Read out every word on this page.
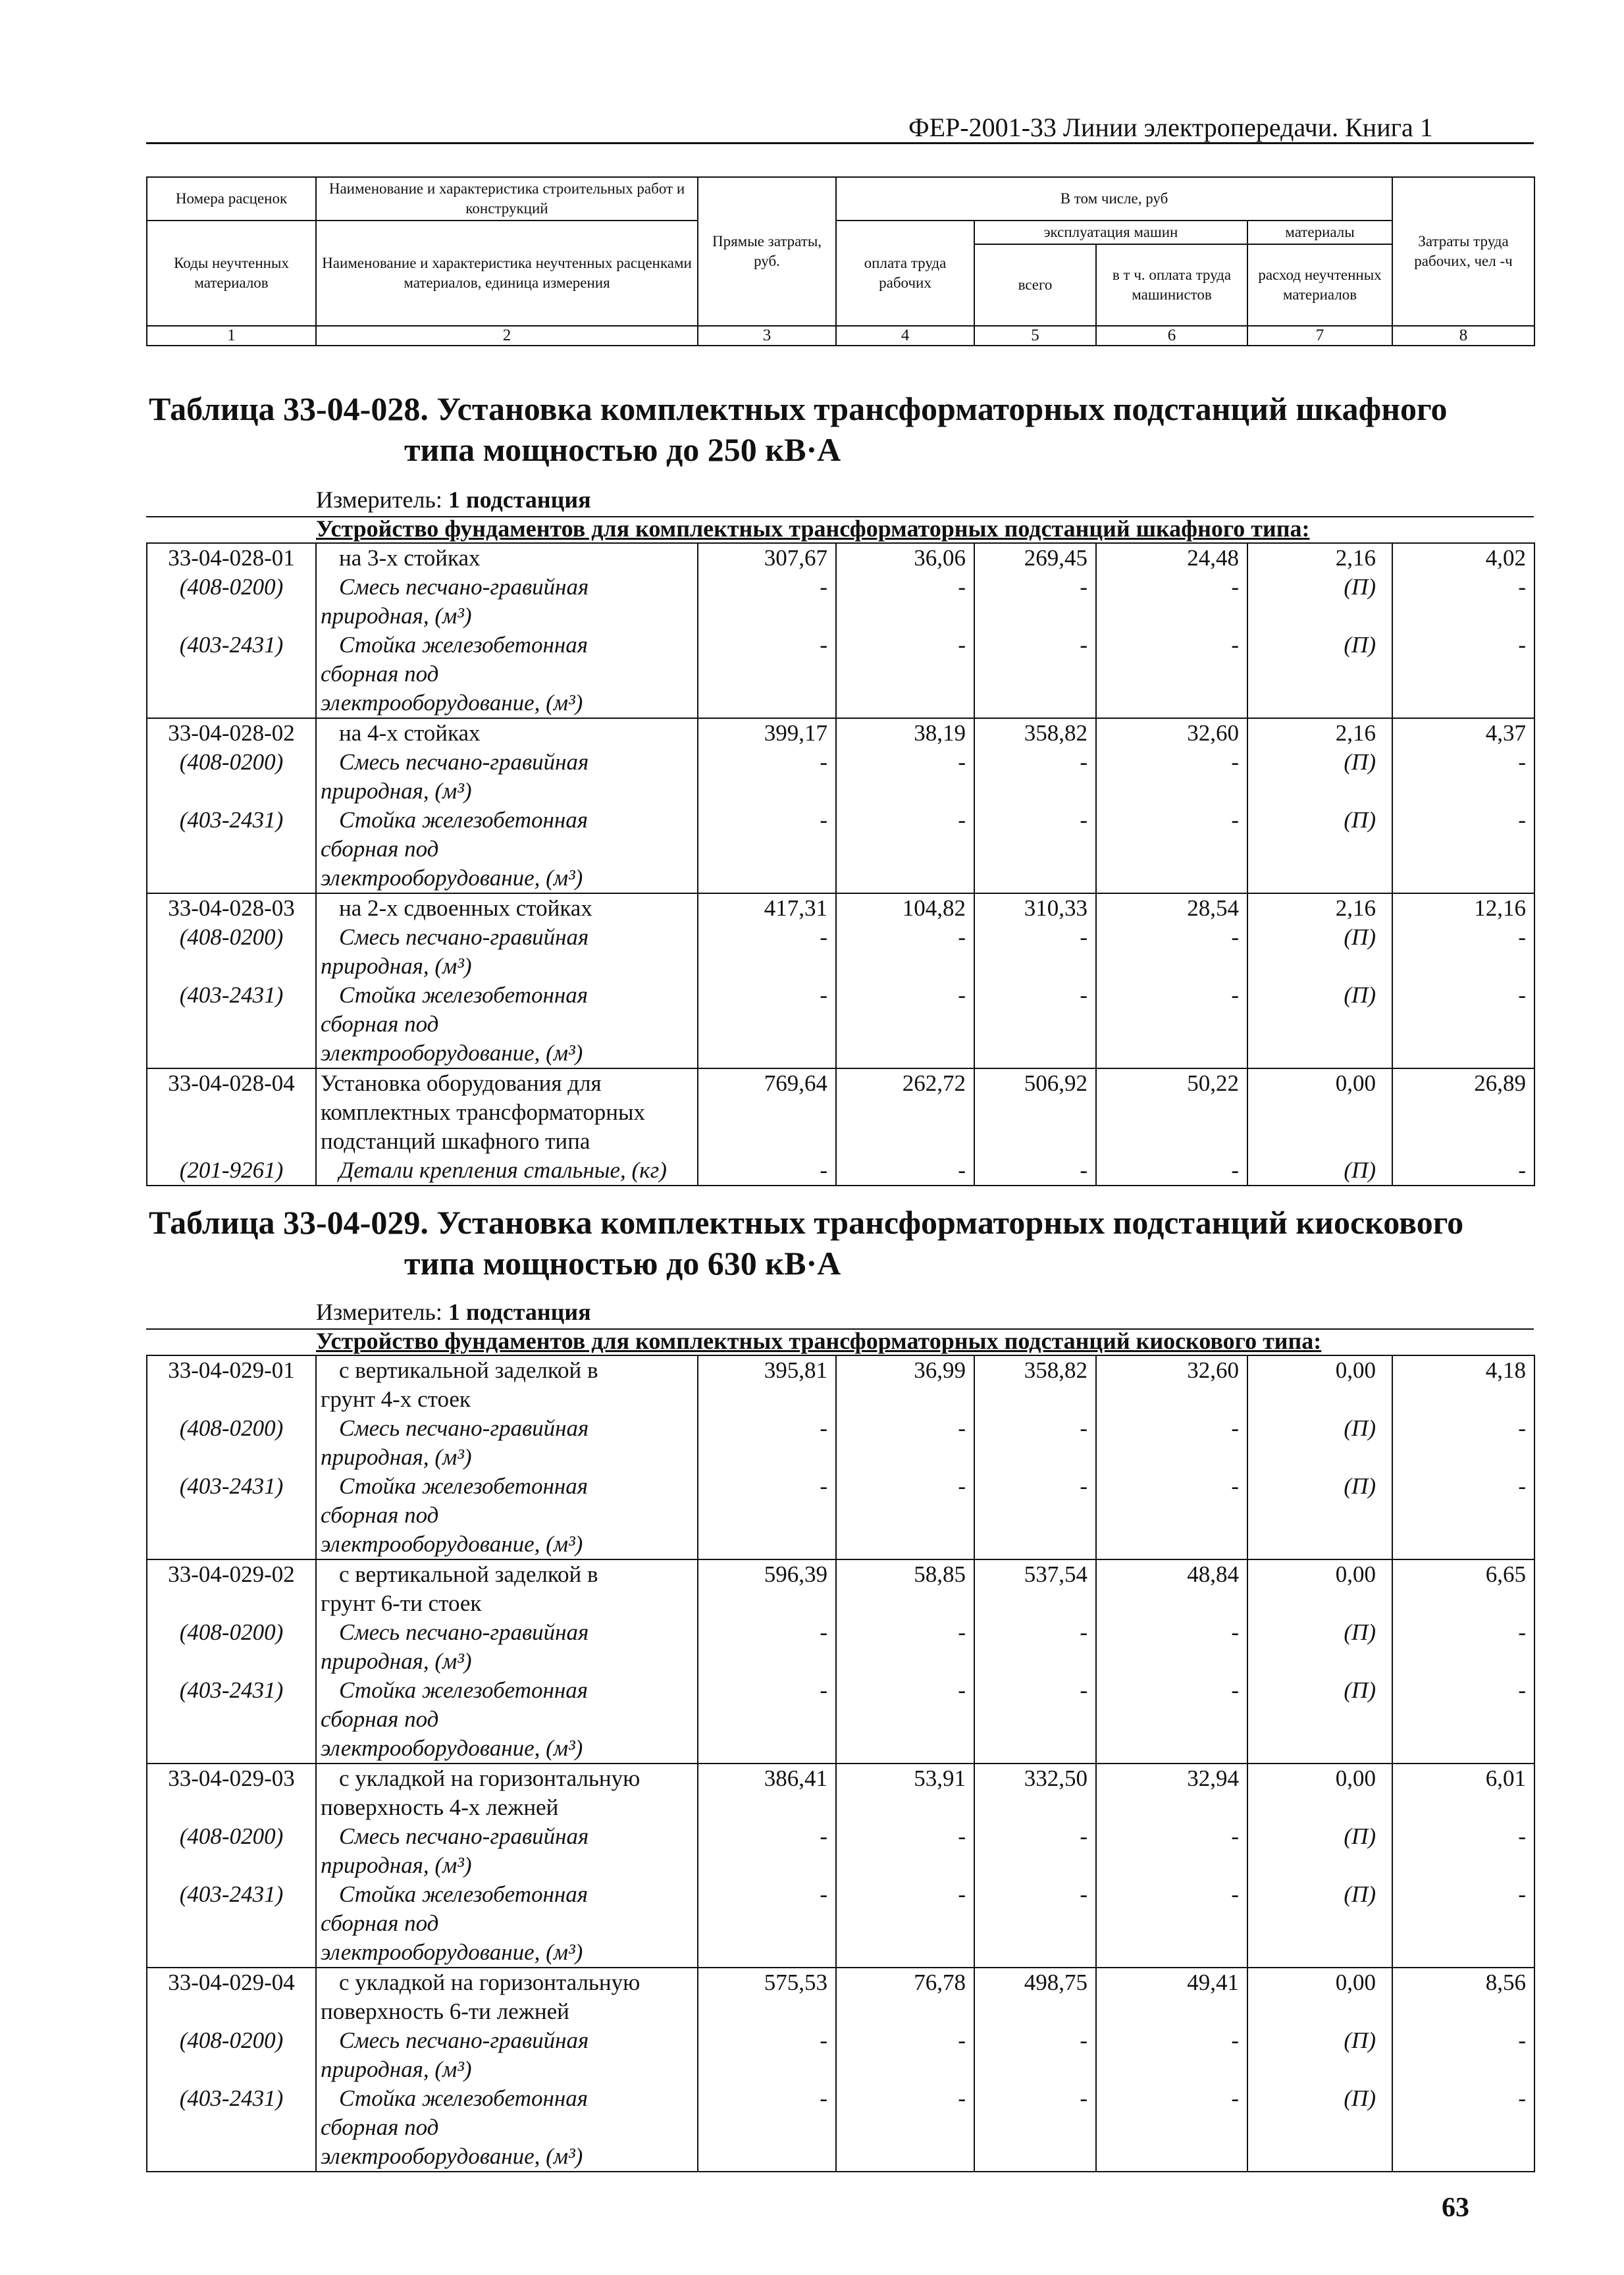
ФЕР-2001-33 Линии электропередачи. Книга 1
Номера расценок	Наименование и характеристика строительных работ и конструкций	Прямые затраты, руб.	В том числе, руб				Затраты труда рабочих, чел -ч
Коды неучтенных материалов	Наименование и характеристика неучтенных расценками материалов, единица измерения		оплата труда рабочих	эксплуатация машин		материалы	
				всего	в т ч. оплата труда машинистов	расход неучтенных материалов	
1	2	3	4	5	6	7	8
Таблица 33-04-028. Установка комплектных трансформаторных подстанций шкафного
типа мощностью до 250 кВ·А
Измеритель: 1 подстанция
Устройство фундаментов для комплектных трансформаторных подстанций шкафного типа:
33-04-028-01	на 3-х стойках	307,67	36,06	269,45	24,48	2,16	4,02
(408-0200)	Смесь песчано-гравийная	-	-	-	-	(П)	-
	природная, (м³)						
(403-2431)	Стойка железобетонная	-	-	-	-	(П)	-
	сборная под						
	электрооборудование, (м³)						
33-04-028-02	на 4-х стойках	399,17	38,19	358,82	32,60	2,16	4,37
(408-0200)	Смесь песчано-гравийная	-	-	-	-	(П)	-
	природная, (м³)						
(403-2431)	Стойка железобетонная	-	-	-	-	(П)	-
	сборная под						
	электрооборудование, (м³)						
33-04-028-03	на 2-х сдвоенных стойках	417,31	104,82	310,33	28,54	2,16	12,16
(408-0200)	Смесь песчано-гравийная	-	-	-	-	(П)	-
	природная, (м³)						
(403-2431)	Стойка железобетонная	-	-	-	-	(П)	-
	сборная под						
	электрооборудование, (м³)						
33-04-028-04	Установка оборудования для	769,64	262,72	506,92	50,22	0,00	26,89
	комплектных трансформаторных						
	подстанций шкафного типа						
(201-9261)	Детали крепления стальные, (кг)	-	-	-	-	(П)	-
Таблица 33-04-029. Установка комплектных трансформаторных подстанций киоскового
типа мощностью до 630 кВ·А
Измеритель: 1 подстанция
Устройство фундаментов для комплектных трансформаторных подстанций киоскового типа:
33-04-029-01	с вертикальной заделкой в	395,81	36,99	358,82	32,60	0,00	4,18
	грунт 4-х стоек						
(408-0200)	Смесь песчано-гравийная	-	-	-	-	(П)	-
	природная, (м³)						
(403-2431)	Стойка железобетонная	-	-	-	-	(П)	-
	сборная под						
	электрооборудование, (м³)						
33-04-029-02	с вертикальной заделкой в	596,39	58,85	537,54	48,84	0,00	6,65
	грунт 6-ти стоек						
(408-0200)	Смесь песчано-гравийная	-	-	-	-	(П)	-
	природная, (м³)						
(403-2431)	Стойка железобетонная	-	-	-	-	(П)	-
	сборная под						
	электрооборудование, (м³)						
33-04-029-03	с укладкой на горизонтальную	386,41	53,91	332,50	32,94	0,00	6,01
	поверхность 4-х лежней						
(408-0200)	Смесь песчано-гравийная	-	-	-	-	(П)	-
	природная, (м³)						
(403-2431)	Стойка железобетонная	-	-	-	-	(П)	-
	сборная под						
	электрооборудование, (м³)						
33-04-029-04	с укладкой на горизонтальную	575,53	76,78	498,75	49,41	0,00	8,56
	поверхность 6-ти лежней						
(408-0200)	Смесь песчано-гравийная	-	-	-	-	(П)	-
	природная, (м³)						
(403-2431)	Стойка железобетонная	-	-	-	-	(П)	-
	сборная под						
	электрооборудование, (м³)						
63
